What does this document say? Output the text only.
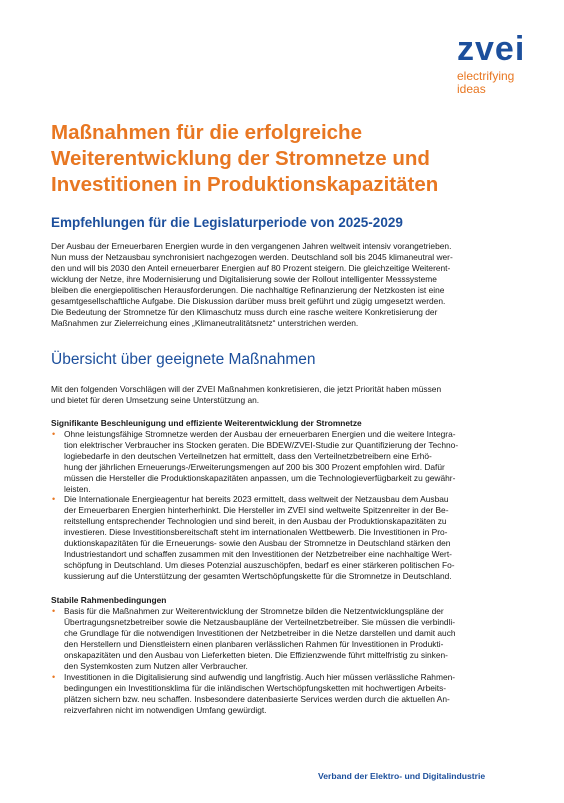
zvei
electrifying
ideas
Maßnahmen für die erfolgreiche
Weiterentwicklung der Stromnetze und
Investitionen in Produktionskapazitäten
Empfehlungen für die Legislaturperiode von 2025-2029

Der Ausbau der Erneuerbaren Energien wurde in den vergangenen Jahren weltweit intensiv vorangetrieben.
Nun muss der Netzausbau synchronisiert nachgezogen werden. Deutschland soll bis 2045 klimaneutral wer-
den und will bis 2030 den Anteil erneuerbarer Energien auf 80 Prozent steigern. Die gleichzeitige Weiterent-
wicklung der Netze, ihre Modernisierung und Digitalisierung sowie der Rollout intelligenter Messsysteme
bleiben die energiepolitischen Herausforderungen. Die nachhaltige Refinanzierung der Netzkosten ist eine
gesamtgesellschaftliche Aufgabe. Die Diskussion darüber muss breit geführt und zügig umgesetzt werden.
Die Bedeutung der Stromnetze für den Klimaschutz muss durch eine rasche weitere Konkretisierung der
Maßnahmen zur Zielerreichung eines „Klimaneutralitätsnetz“ unterstrichen werden.

Übersicht über geeignete Maßnahmen

Mit den folgenden Vorschlägen will der ZVEI Maßnahmen konkretisieren, die jetzt Priorität haben müssen
und bietet für deren Umsetzung seine Unterstützung an.

Signifikante Beschleunigung und effiziente Weiterentwicklung der Stromnetze

• Ohne leistungsfähige Stromnetze werden der Ausbau der erneuerbaren Energien und die weitere Integra-
tion elektrischer Verbraucher ins Stocken geraten. Die BDEW/ZVEI-Studie zur Quantifizierung der Techno-
logiebedarfe in den deutschen Verteilnetzen hat ermittelt, dass den Verteilnetzbetreibern eine Erhö-
hung der jährlichen Erneuerungs-/Erweiterungsmengen auf 200 bis 300 Prozent empfohlen wird. Dafür
müssen die Hersteller die Produktionskapazitäten anpassen, um die Technologieverfügbarkeit zu gewähr-
leisten.
• Die Internationale Energieagentur hat bereits 2023 ermittelt, dass weltweit der Netzausbau dem Ausbau
der Erneuerbaren Energien hinterherhinkt. Die Hersteller im ZVEI sind weltweite Spitzenreiter in der Be-
reitstellung entsprechender Technologien und sind bereit, in den Ausbau der Produktionskapazitäten zu
investieren. Diese Investitionsbereitschaft steht im internationalen Wettbewerb. Die Investitionen in Pro-
duktionskapazitäten für die Erneuerungs- sowie den Ausbau der Stromnetze in Deutschland stärken den
Industriestandort und schaffen zusammen mit den Investitionen der Netzbetreiber eine nachhaltige Wert-
schöpfung in Deutschland. Um dieses Potenzial auszuschöpfen, bedarf es einer stärkeren politischen Fo-
kussierung auf die Unterstützung der gesamten Wertschöpfungskette für die Stromnetze in Deutschland.

Stabile Rahmenbedingungen

• Basis für die Maßnahmen zur Weiterentwicklung der Stromnetze bilden die Netzentwicklungspläne der
Übertragungsnetzbetreiber sowie die Netzausbaupläne der Verteilnetzbetreiber. Sie müssen die verbindli-
che Grundlage für die notwendigen Investitionen der Netzbetreiber in die Netze darstellen und damit auch
den Herstellern und Dienstleistern einen planbaren verlässlichen Rahmen für Investitionen in Produkti-
onskapazitäten und den Ausbau von Lieferketten bieten. Die Effizienzwende führt mittelfristig zu sinken-
den Systemkosten zum Nutzen aller Verbraucher.
• Investitionen in die Digitalisierung sind aufwendig und langfristig. Auch hier müssen verlässliche Rahmen-
bedingungen ein Investitionsklima für die inländischen Wertschöpfungsketten mit hochwertigen Arbeits-
plätzen sichern bzw. neu schaffen. Insbesondere datenbasierte Services werden durch die aktuellen An-
reizverfahren nicht im notwendigen Umfang gewürdigt.
Verband der Elektro- und Digitalindustrie
